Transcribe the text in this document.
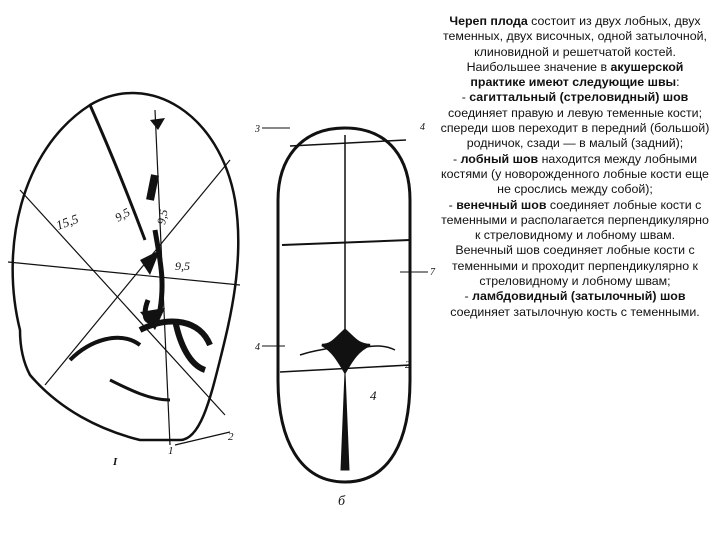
15,5	9,5 9,5
9,5
2
1
I
3	4
7
4
2
4
б
Череп плода состоит из двух лобных, двух теменных, двух височных, одной затылочной, клиновидной и решетчатой костей.
Наибольшее значение в акушерской практике имеют следующие швы:
- сагиттальный (стреловидный) шов соединяет правую и левую теменные кости; спереди шов переходит в передний (большой) родничок, сзади — в малый (задний);
- лобный шов находится между лобными костями (у новорожденного лобные кости еще не срослись между собой);
- венечный шов соединяет лобные кости с теменными и располагается перпендикулярно к стреловидному и лобному швам.
Венечный шов соединяет лобные кости с теменными и проходит перпендикулярно к стреловидному и лобному швам;
- ламбдовидный (затылочный) шов соединяет затылочную кость с теменными.
